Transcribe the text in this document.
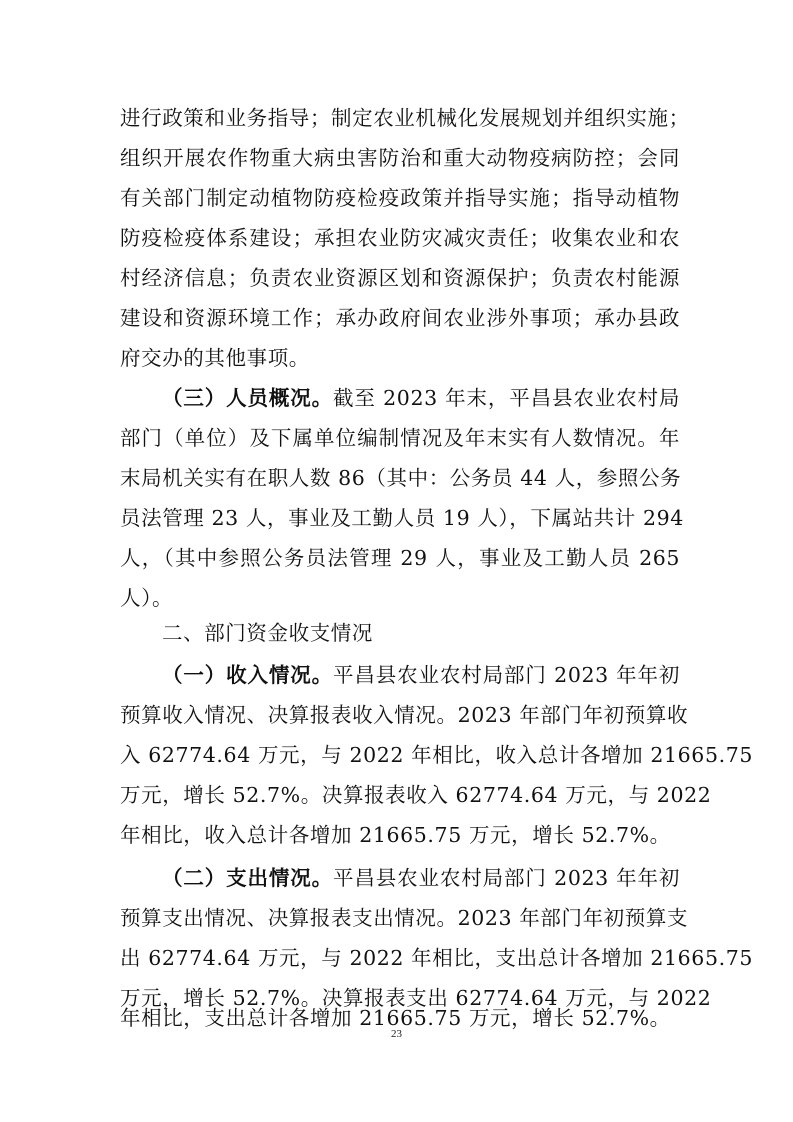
进行政策和业务指导；制定农业机械化发展规划并组织实施；
组织开展农作物重大病虫害防治和重大动物疫病防控；会同
有关部门制定动植物防疫检疫政策并指导实施；指导动植物
防疫检疫体系建设；承担农业防灾减灾责任；收集农业和农
村经济信息；负责农业资源区划和资源保护；负责农村能源
建设和资源环境工作；承办政府间农业涉外事项；承办县政
府交办的其他事项。
（三）人员概况。截至 2023 年末，平昌县农业农村局
部门（单位）及下属单位编制情况及年末实有人数情况。年
末局机关实有在职人数 86（其中：公务员 44 人，参照公务
员法管理 23 人，事业及工勤人员 19 人），下属站共计 294
人，（其中参照公务员法管理 29 人，事业及工勤人员 265
人）。
二、部门资金收支情况
（一）收入情况。平昌县农业农村局部门 2023 年年初
预算收入情况、决算报表收入情况。2023 年部门年初预算收
入 62774.64 万元，与 2022 年相比，收入总计各增加 21665.75
万元，增长 52.7%。决算报表收入 62774.64 万元，与 2022
年相比，收入总计各增加 21665.75 万元，增长 52.7%。
（二）支出情况。平昌县农业农村局部门 2023 年年初
预算支出情况、决算报表支出情况。2023 年部门年初预算支
出 62774.64 万元，与 2022 年相比，支出总计各增加 21665.75
万元，增长 52.7%。决算报表支出 62774.64 万元，与 2022
年相比，支出总计各增加 21665.75 万元，增长 52.7%。
23
